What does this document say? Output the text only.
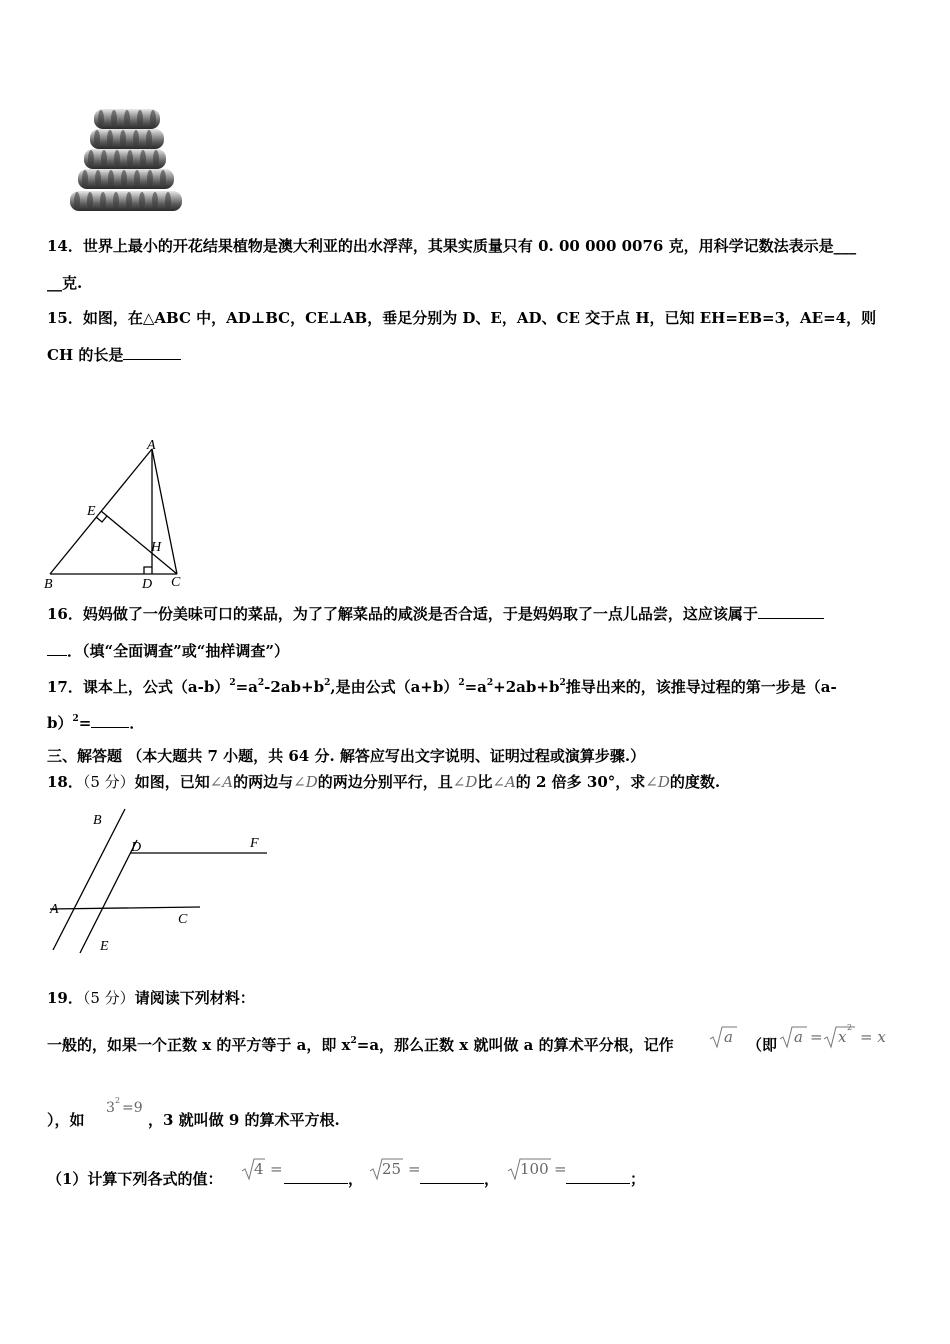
14．世界上最小的开花结果植物是澳大利亚的出水浮萍，其果实质量只有 0. 00 000 0076 克，用科学记数法表示是___
__克.
15．如图，在△ABC 中，AD⊥BC，CE⊥AB，垂足分别为 D、E，AD、CE 交于点 H，已知 EH=EB=3，AE=4，则
CH 的长是
A
E
H
B	D C
16．妈妈做了一份美味可口的菜品，为了了解菜品的咸淡是否合适，于是妈妈取了一点儿品尝，这应该属于
．（填“全面调查”或“抽样调查”）
17．课本上，公式$(a-b)^2=a^2-2ab+b^2$,是由公式$(a+b)^2=a^2+2ab+b^2$推导出来的，该推导过程的第一步是（a-
b）$^2$=	．
三、解答题 （本大题共 7 小题，共 64 分. 解答应写出文字说明、证明过程或演算步骤.）
18．（5 分）如图，已知∠A的两边与∠D的两边分别平行，且∠D比∠A的 2 倍多 30°，求∠D的度数.
B
D	F
A
C
E
19．（5 分）请阅读下列材料：
一般的，如果一个正数 x 的平方等于 a，即 $x^2=a$，那么正数 x 就叫做 a 的算术平分根，记作	a （即 a = x
2
= x
），如
3 2 =9
，3 就叫做 9 的算术平方根.
（1）计算下列各式的值：
4 =
，
25 =
，
100 =
；
